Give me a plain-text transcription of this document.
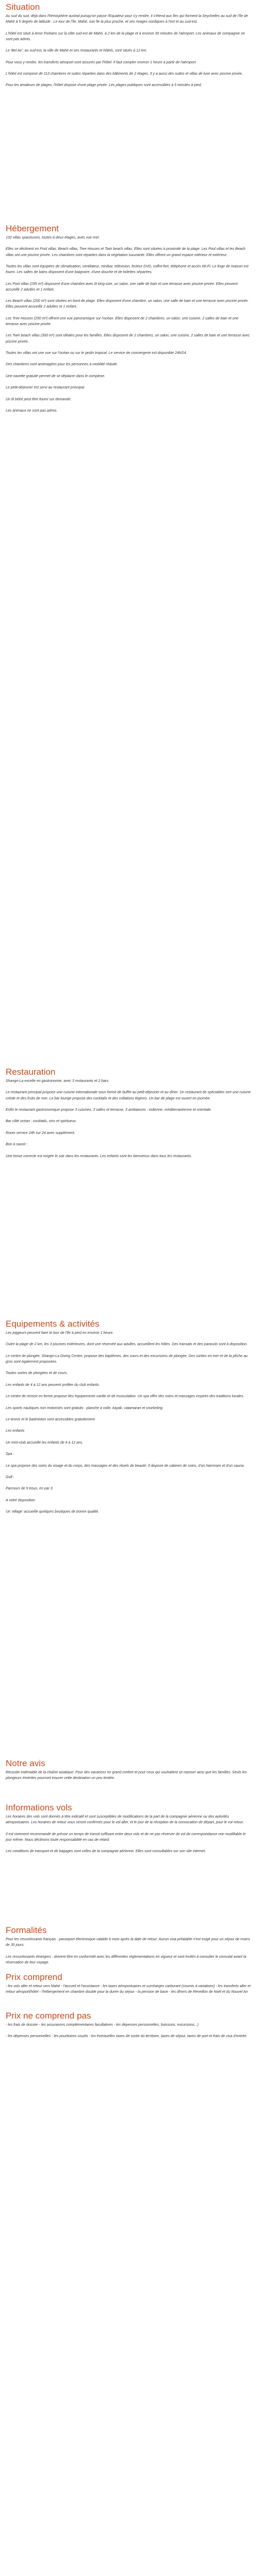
Situation

Au sud du sud, déjà dans l'hémisphère austral puisqu'on passe l'Equateur pour s'y rendre, il s'étend aux îles qui forment la Seychelles au sud de l'île de Mahé à 5 degrés de latitude : Le tour de l'île, Mahé, son île la plus proche, et ses rivages nordiques à l'est et au sud-est.

L'hôtel est situé à Anse Forbans sur la côte sud-est de Mahé, à 2 km de la plage et à environ 30 minutes de l'aéroport. Les animaux de compagnie ne sont pas admis.

Le 'Bel Air', au sud-est, la ville de Mahé et ses restaurants et hôtels, sont situés à 12 km.

Pour vous y rendre, les transferts aéroport sont assurés par l'hôtel. Il faut compter environ 1 heure à partir de l'aéroport.

L'hôtel est composé de 113 chambres et suites réparties dans des bâtiments de 2 étages. Il y a aussi des suites et villas de luxe avec piscine privée.

Pour les amateurs de plages, l'hôtel dispose d'une plage privée. Les plages publiques sont accessibles à 5 minutes à pied.

Hébergement

132 villas spacieuses, toutes à deux étages, avec vue mer.

Elles se déclinent en Pool villas, Beach villas, Tree Houses et Twin beach villas. Elles sont situées à proximité de la plage. Les Pool villas et les Beach villas ont une piscine privée. Les chambres sont réparties dans la végétation luxuriante. Elles offrent un grand espace intérieur et extérieur.

Toutes les villas sont équipées de climatisation, ventilateur, minibar, télévision, lecteur DVD, coffre-fort, téléphone et accès Wi-Fi. Le linge de maison est fourni. Les salles de bains disposent d'une baignoire, d'une douche et de toilettes séparées.

Les Pool villas (195 m²) disposent d'une chambre avec lit king-size, un salon, une salle de bain et une terrasse avec piscine privée. Elles peuvent accueillir 2 adultes et 1 enfant.

Les Beach villas (200 m²) sont situées en bord de plage. Elles disposent d'une chambre, un salon, une salle de bain et une terrasse avec piscine privée. Elles peuvent accueillir 2 adultes et 1 enfant.

Les Tree Houses (250 m²) offrent une vue panoramique sur l'océan. Elles disposent de 2 chambres, un salon, une cuisine, 2 salles de bain et une terrasse avec piscine privée.

Les Twin beach villas (300 m²) sont idéales pour les familles. Elles disposent de 2 chambres, un salon, une cuisine, 2 salles de bain et une terrasse avec piscine privée.

Toutes les villas ont une vue sur l'océan ou sur le jardin tropical. Le service de conciergerie est disponible 24h/24.

Des chambres sont aménagées pour les personnes à mobilité réduite.

Une navette gratuite permet de se déplacer dans le complexe.

Le petit-déjeuner est servi au restaurant principal.

Un lit bébé peut être fourni sur demande.

Les animaux ne sont pas admis.

Restauration

Shangri-La excelle en gastronomie, avec 3 restaurants et 2 bars.

Le restaurant principal propose une cuisine internationale sous forme de buffet au petit-déjeuner et au dîner. Un restaurant de spécialités sert une cuisine créole et des fruits de mer. Le bar lounge propose des cocktails et des collations légères. Un bar de plage est ouvert en journée.

Enfin le restaurant gastronomique propose 3 cuisines, 3 salles et terrasse, 3 ambiances : indienne, méditerranéenne et orientale.

Bar côté océan : cocktails, vins et spiritueux.

Room service 24h sur 24 avec supplément.

Bon à savoir :

Une tenue correcte est exigée le soir dans les restaurants. Les enfants sont les bienvenus dans tous les restaurants.

Equipements & activités

Les joggeurs peuvent faire le tour de l'île à pied en environ 1 heure.

Outre la plage de 2 km, les 3 piscines extérieures, dont une réservée aux adultes, accueillent les hôtes. Des transats et des parasols sont à disposition.

Le centre de plongée, Shangri-La Diving Centre, propose des baptêmes, des cours et des excursions de plongée. Des sorties en mer et de la pêche au gros sont également proposées.

Toutes sortes de plongées et de cours.

Les enfants de 4 à 12 ans peuvent profiter du club enfants.

Le centre de remise en forme propose des équipements cardio et de musculation. Un spa offre des soins et massages inspirés des traditions locales.

Les sports nautiques non motorisés sont gratuits : planche à voile, kayak, catamaran et snorkeling.

Le tennis et le badminton sont accessibles gratuitement.

Les enfants

Un mini-club accueille les enfants de 4 à 12 ans.

Spa :

Le spa propose des soins du visage et du corps, des massages et des rituels de beauté. Il dispose de cabines de soins, d'un hammam et d'un sauna.

Golf :

Parcours de 9 trous, en par 3.

A votre disposition

Un 'village' accueille quelques boutiques de bonne qualité.

Notre avis

Réussite indéniable de la chaîne asiatique. Pour des vacances en grand confort et pour ceux qui souhaitent se reposer ainsi que les familles. Seuls les plongeurs émérites pourront trouver cette destination un peu limitée.

Informations vols

Les horaires des vols sont donnés à titre indicatif et sont susceptibles de modifications de la part de la compagnie aérienne ou des autorités aéroportuaires. Les horaires de retour vous seront confirmés pour le vol aller, et le jour de la réception de la convocation de départ, pour le vol retour.

Il est vivement recommandé de prévoir un temps de transit suffisant entre deux vols et de ne pas réserver de vol de correspondance non modifiable le jour même. Nous déclinons toute responsabilité en cas de retard.

Les conditions de transport et de bagages sont celles de la compagnie aérienne. Elles sont consultables sur son site internet.

Formalités

Pour les ressortissants français : passeport électronique valable 6 mois après la date de retour. Aucun visa préalable n'est exigé pour un séjour de moins de 30 jours.

Les ressortissants étrangers : doivent être en conformité avec les différentes réglementations en vigueur et sont invités à consulter le consulat avant la réservation de leur voyage.

Prix comprend

- les vols aller et retour vers Mahé - l'accueil et l'assistance - les taxes aéroportuaires et surcharges carburant (soumis à variations) - les transferts aller et retour aéroport/hôtel - l'hébergement en chambre double pour la durée du séjour - la pension de base - les dîners de Réveillon de Noël et du Nouvel An

Prix ne comprend pas

- les frais de dossier - les assurances complémentaires facultatives - les dépenses personnelles, boissons, excursions...)

- les dépenses personnelles - les pourboires usuels - les éventuelles taxes de sortie du territoire, taxes de séjour, taxes de port et frais de visa d'entrée.
